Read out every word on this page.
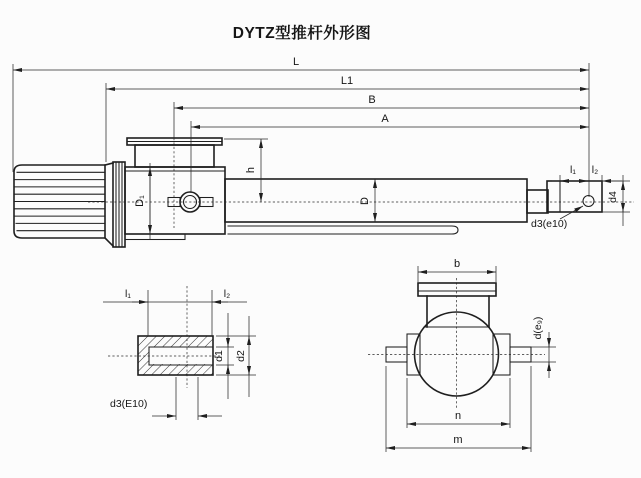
DYTZ型推杆外形图
L
L1
B
A
h
D₁	D
l₁ l₂
d4
d3(e10)
l₁	l₂
d1 d2
d3(E10)
b
d(e₉)
n
m
